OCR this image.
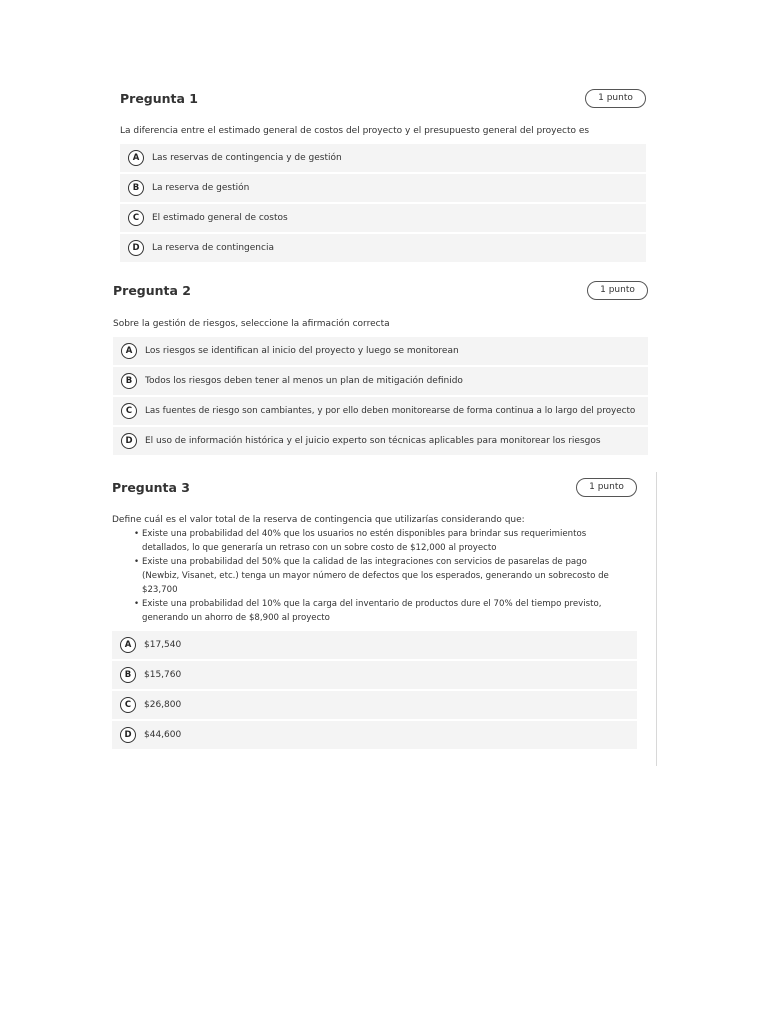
Pregunta 1	1 punto
La diferencia entre el estimado general de costos del proyecto y el presupuesto general del proyecto es
A	Las reservas de contingencia y de gestión
B	La reserva de gestión
C	El estimado general de costos
D	La reserva de contingencia
Pregunta 2	1 punto
Sobre la gestión de riesgos, seleccione la afirmación correcta
A	Los riesgos se identifican al inicio del proyecto y luego se monitorean
B	Todos los riesgos deben tener al menos un plan de mitigación definido
C	Las fuentes de riesgo son cambiantes, y por ello deben monitorearse de forma continua a lo largo del proyecto
D	El uso de información histórica y el juicio experto son técnicas aplicables para monitorear los riesgos
Pregunta 3	1 punto
Define cuál es el valor total de la reserva de contingencia que utilizarías considerando que:
• Existe una probabilidad del 40% que los usuarios no estén disponibles para brindar sus requerimientos
detallados, lo que generaría un retraso con un sobre costo de $12,000 al proyecto
• Existe una probabilidad del 50% que la calidad de las integraciones con servicios de pasarelas de pago
(Newbiz, Visanet, etc.) tenga un mayor número de defectos que los esperados, generando un sobrecosto de
$23,700
• Existe una probabilidad del 10% que la carga del inventario de productos dure el 70% del tiempo previsto,
generando un ahorro de $8,900 al proyecto
A	$17,540
B	$15,760
C	$26,800
D	$44,600
